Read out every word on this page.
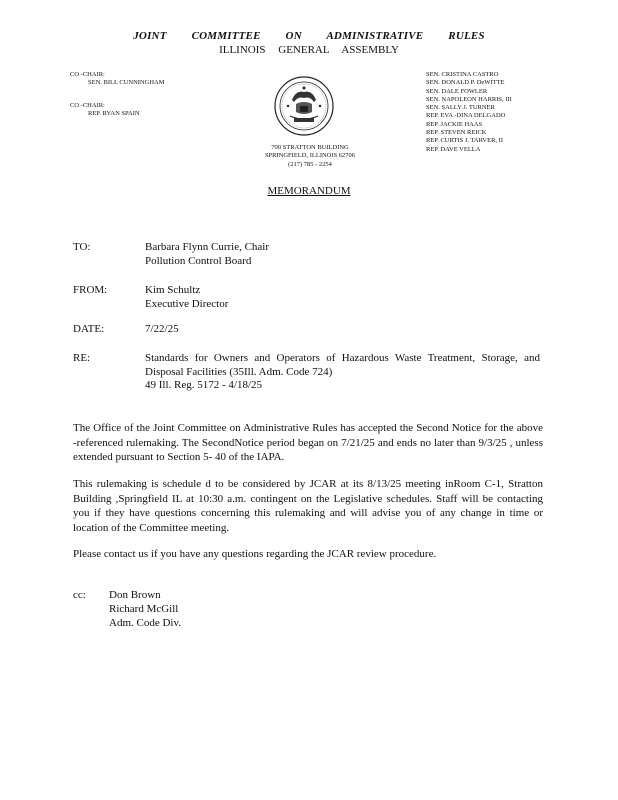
JOINT COMMITTEE ON ADMINISTRATIVE RULES
ILLINOIS GENERAL ASSEMBLY
CO -CHAIR:
SEN. BILL CUNNINGHAM
CO -CHAIR:
REP. RYAN SPAIN
SEN. CRISTINA CASTRO
SEN. DONALD P. DeWITTE
SEN. DALE FOWLER
SEN. NAPOLEON HARRIS, III
SEN. SALLY J. TURNER
REP. EVA -DINA DELGADO
REP. JACKIE HAAS
REP. STEVEN REICK
REP. CURTIS J. TARVER, II
REP. DAVE VELLA
700 STRATTON BUILDING
SPRINGFIELD, ILLINOIS 62706
(217) 785 - 2254
MEMORANDUM
TO:	Barbara Flynn Currie, Chair
Pollution Control Board
FROM:	Kim Schultz
Executive Director
DATE:	7/22/25
RE:	Standards for Owners and Operators of Hazardous Waste Treatment, Storage, and Disposal Facilities (35Ill. Adm. Code 724)
49 Ill. Reg. 5172 - 4/18/25
The Office of the Joint Committee on Administrative Rules has accepted the Second Notice for the above -referenced rulemaking. The SecondNotice period began on 7/21/25 and ends no later than 9/3/25 , unless extended pursuant to Section 5- 40 of the IAPA.
This rulemaking is schedule d to be considered by JCAR at its 8/13/25 meeting inRoom C-1, Stratton Building ,Springfield IL at 10:30 a.m. contingent on the Legislative schedules. Staff will be contacting you if they have questions concerning this rulemaking and will advise you of any change in time or location of the Committee meeting.
Please contact us if you have any questions regarding the JCAR review procedure.
cc: Don Brown
Richard McGill
Adm. Code Div.
